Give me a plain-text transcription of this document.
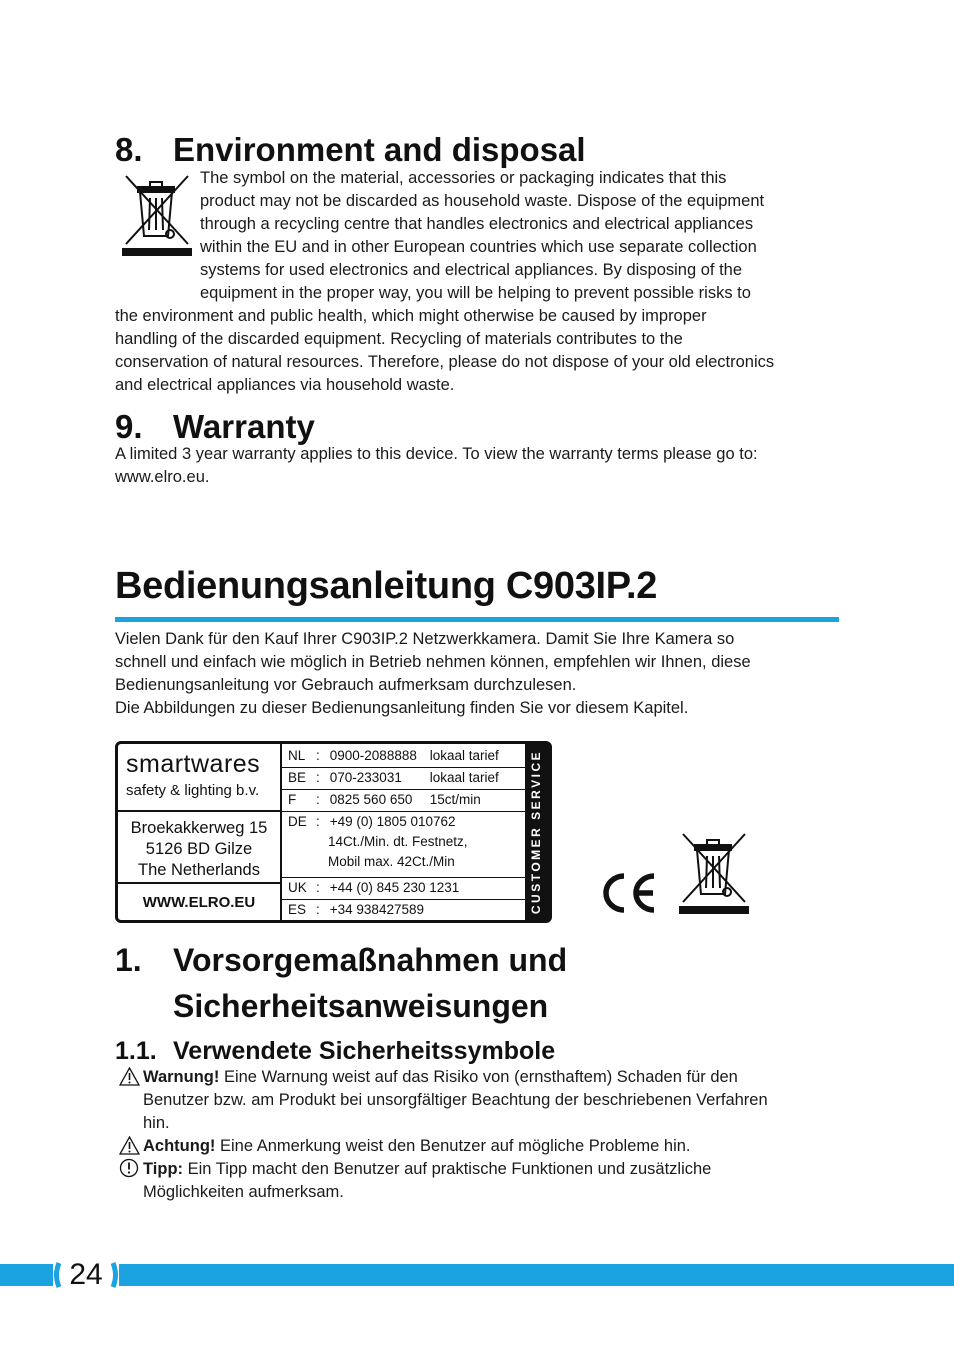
8. Environment and disposal

The symbol on the material, accessories or packaging indicates that this

product may not be discarded as household waste. Dispose of the equipment

through a recycling centre that handles electronics and electrical appliances

within the EU and in other European countries which use separate collection

systems for used electronics and electrical appliances. By disposing of the

equipment in the proper way, you will be helping to prevent possible risks to

the environment and public health, which might otherwise be caused by improper

handling of the discarded equipment. Recycling of materials contributes to the

conservation of natural resources. Therefore, please do not dispose of your old electronics

and electrical appliances via household waste.

9. Warranty

A limited 3 year warranty applies to this device. To view the warranty terms please go to:

www.elro.eu.

Bedienungsanleitung C903IP.2

Vielen Dank für den Kauf Ihrer C903IP.2 Netzwerkkamera. Damit Sie Ihre Kamera so

schnell und einfach wie möglich in Betrieb nehmen können, empfehlen wir Ihnen, diese

Bedienungsanleitung vor Gebrauch aufmerksam durchzulesen.

Die Abbildungen zu dieser Bedienungsanleitung finden Sie vor diesem Kapitel.

smartwares
safety & lighting b.v.
Broekakkerweg 15
5126 BD Gilze
The Netherlands
WWW.ELRO.EU
NL : 0900-2088888 lokaal tarief
BE : 070-233031 lokaal tarief
F : 0825 560 650 15ct/min
DE : +49 (0) 1805 010762
14Ct./Min. dt. Festnetz,
Mobil max. 42Ct./Min
UK : +44 (0) 845 230 1231
ES : +34 938427589	CUSTOMER SERVICE
1. Vorsorgemaßnahmen und
Sicherheitsanweisungen
1.1. Verwendete Sicherheitssymbole
Warnung! Eine Warnung weist auf das Risiko von (ernsthaftem) Schaden für den
Benutzer bzw. am Produkt bei unsorgfältiger Beachtung der beschriebenen Verfahren
hin.
Achtung! Eine Anmerkung weist den Benutzer auf mögliche Probleme hin.
Tipp: Ein Tipp macht den Benutzer auf praktische Funktionen und zusätzliche
Möglichkeiten aufmerksam.
24
